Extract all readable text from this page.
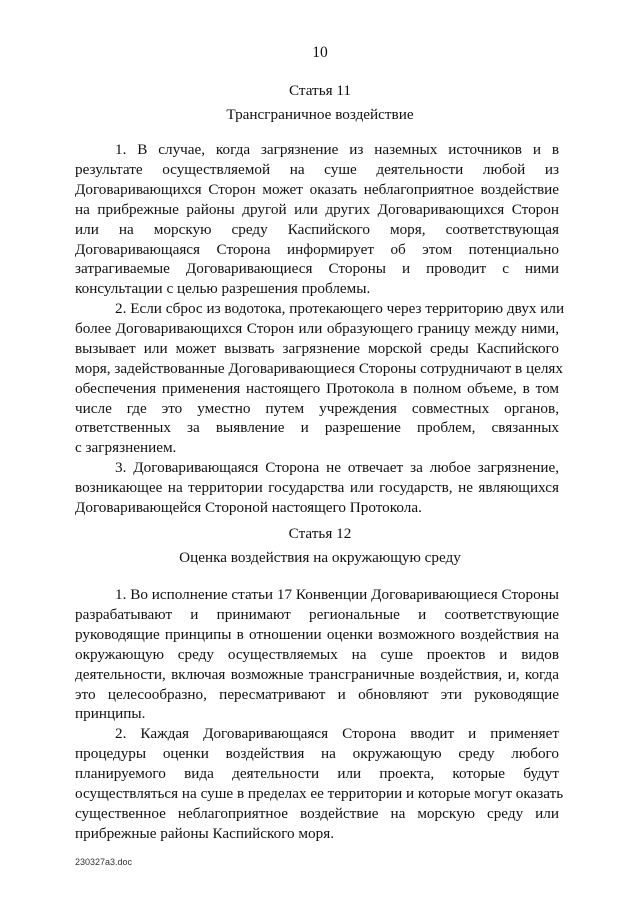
10
Статья 11
Трансграничное воздействие
1. В случае, когда загрязнение из наземных источников и в
результате осуществляемой на суше деятельности любой из
Договаривающихся Сторон может оказать неблагоприятное воздействие
на прибрежные районы другой или других Договаривающихся Сторон
или на морскую среду Каспийского моря, соответствующая
Договаривающаяся Сторона информирует об этом потенциально
затрагиваемые Договаривающиеся Стороны и проводит с ними
консультации с целью разрешения проблемы.
2. Если сброс из водотока, протекающего через территорию двух или
более Договаривающихся Сторон или образующего границу между ними,
вызывает или может вызвать загрязнение морской среды Каспийского
моря, задействованные Договаривающиеся Стороны сотрудничают в целях
обеспечения применения настоящего Протокола в полном объеме, в том
числе где это уместно путем учреждения совместных органов,
ответственных за выявление и разрешение проблем, связанных
с загрязнением.
3. Договаривающаяся Сторона не отвечает за любое загрязнение,
возникающее на территории государства или государств, не являющихся
Договаривающейся Стороной настоящего Протокола.
Статья 12
Оценка воздействия на окружающую среду
1. Во исполнение статьи 17 Конвенции Договаривающиеся Стороны
разрабатывают и принимают региональные и соответствующие
руководящие принципы в отношении оценки возможного воздействия на
окружающую среду осуществляемых на суше проектов и видов
деятельности, включая возможные трансграничные воздействия, и, когда
это целесообразно, пересматривают и обновляют эти руководящие
принципы.
2. Каждая Договаривающаяся Сторона вводит и применяет
процедуры оценки воздействия на окружающую среду любого
планируемого вида деятельности или проекта, которые будут
осуществляться на суше в пределах ее территории и которые могут оказать
существенное неблагоприятное воздействие на морскую среду или
прибрежные районы Каспийского моря.
230327а3.doc
